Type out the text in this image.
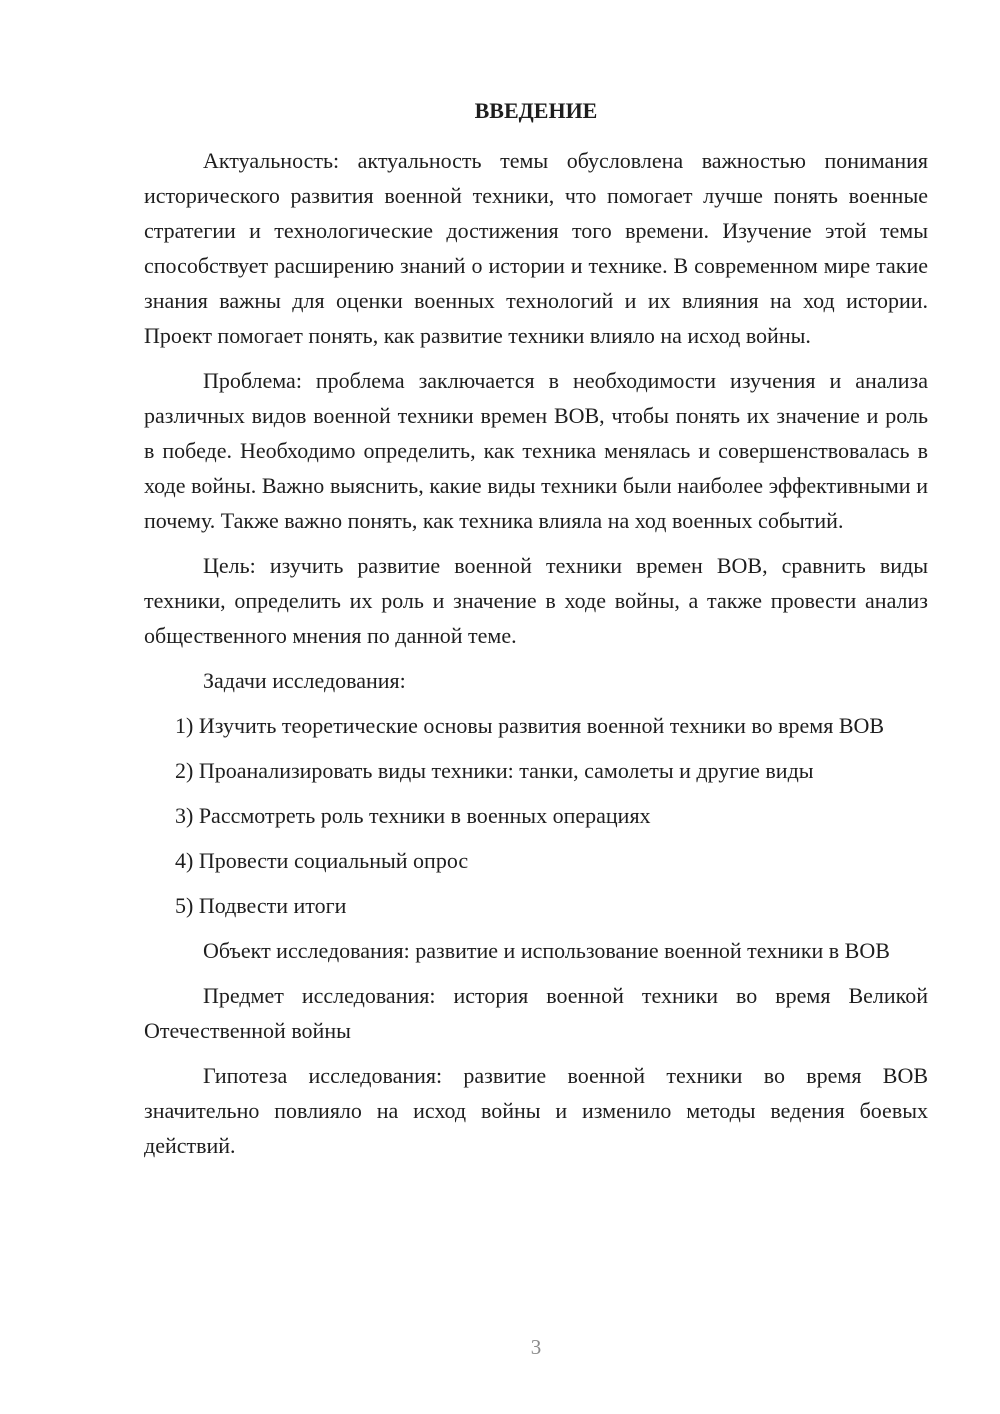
ВВЕДЕНИЕ

Актуальность: актуальность темы обусловлена важностью понимания исторического развития военной техники, что помогает лучше понять военные стратегии и технологические достижения того времени. Изучение этой темы способствует расширению знаний о истории и технике. В современном мире такие знания важны для оценки военных технологий и их влияния на ход истории. Проект помогает понять, как развитие техники влияло на исход войны.

Проблема: проблема заключается в необходимости изучения и анализа различных видов военной техники времен ВОВ, чтобы понять их значение и роль в победе. Необходимо определить, как техника менялась и совершенствовалась в ходе войны. Важно выяснить, какие виды техники были наиболее эффективными и почему. Также важно понять, как техника влияла на ход военных событий.

Цель: изучить развитие военной техники времен ВОВ, сравнить виды техники, определить их роль и значение в ходе войны, а также провести анализ общественного мнения по данной теме.

Задачи исследования:

1) Изучить теоретические основы развития военной техники во время ВОВ

2) Проанализировать виды техники: танки, самолеты и другие виды

3) Рассмотреть роль техники в военных операциях

4) Провести социальный опрос

5) Подвести итоги

Объект исследования: развитие и использование военной техники в ВОВ

Предмет исследования: история военной техники во время Великой Отечественной войны

Гипотеза исследования: развитие военной техники во время ВОВ значительно повлияло на исход войны и изменило методы ведения боевых действий.

3
